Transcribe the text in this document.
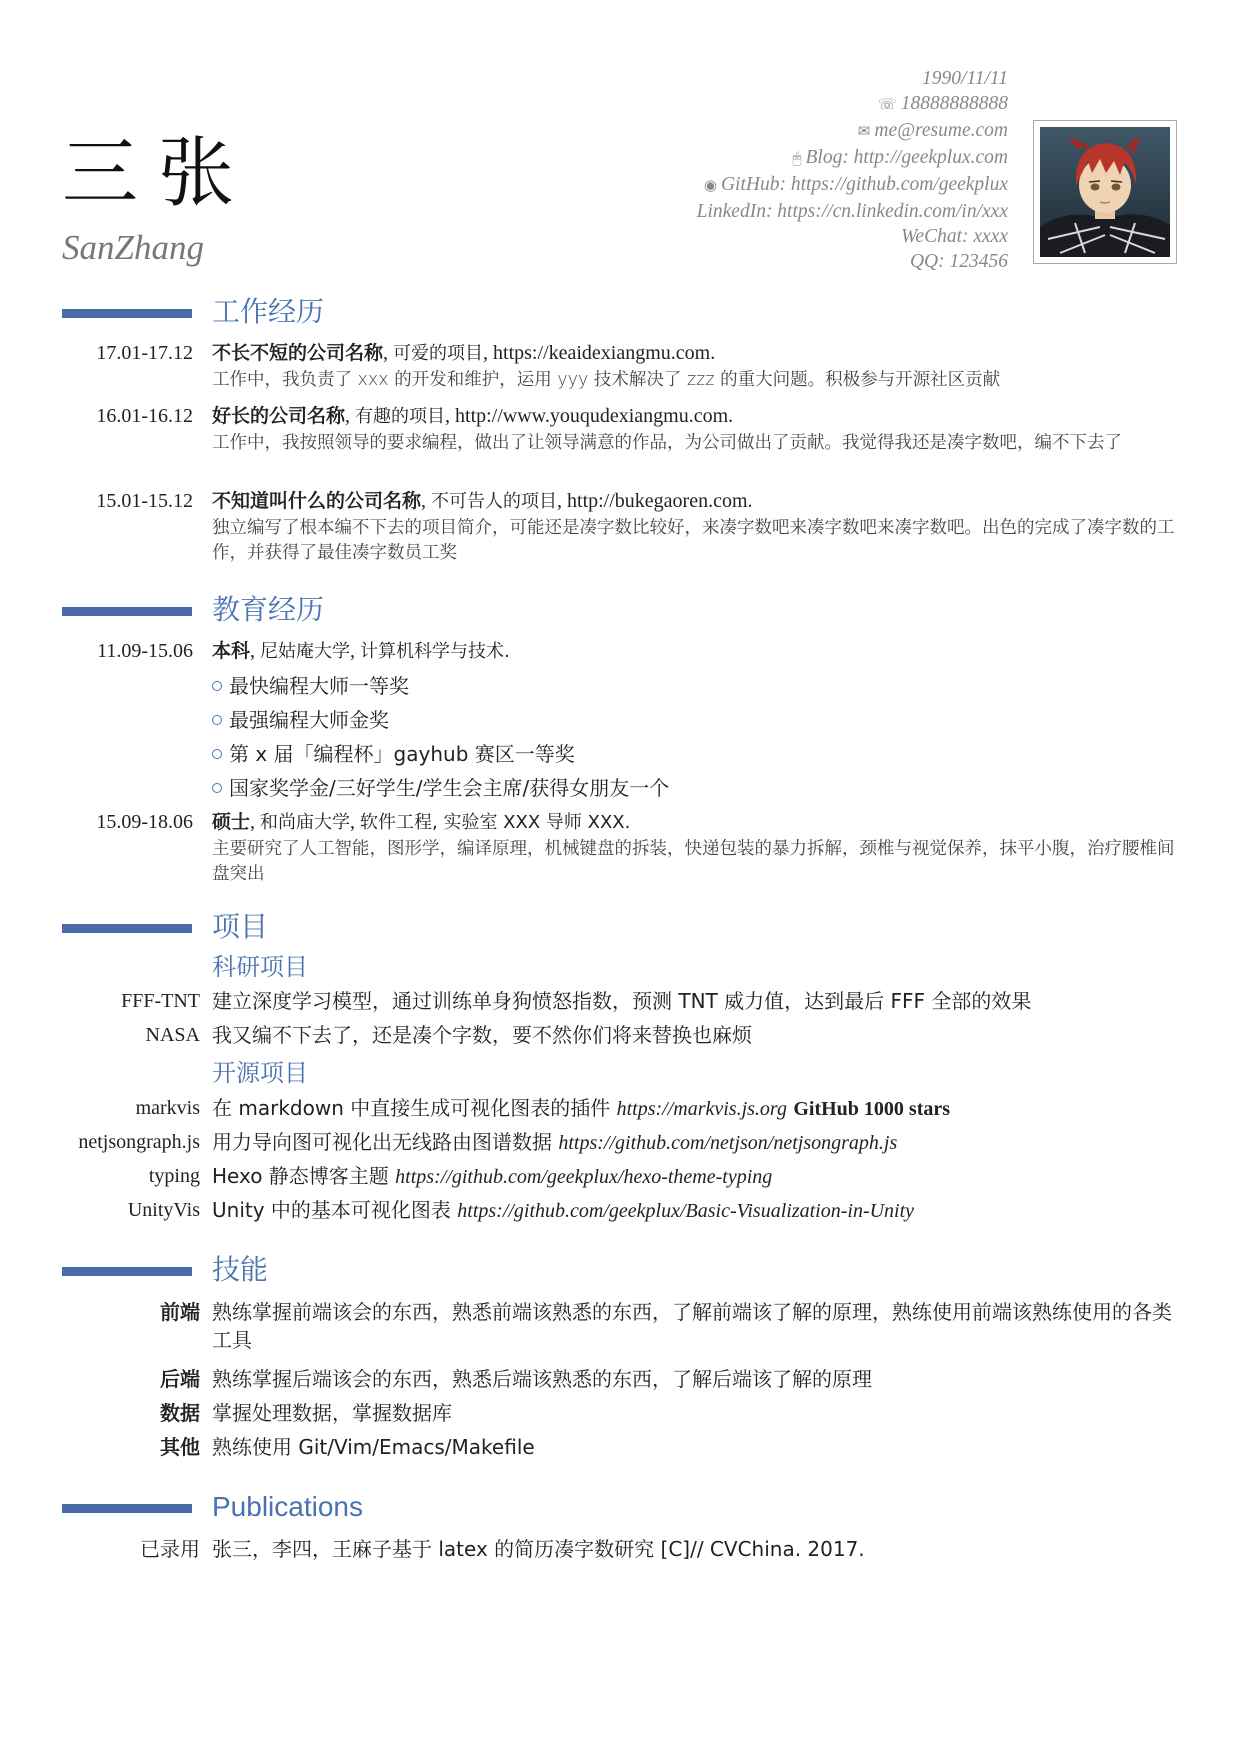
三张
SanZhang
1990/11/11
☏ 18888888888
✉ me@resume.com
🖱 Blog: http://geekplux.com
◉ GitHub: https://github.com/geekplux
LinkedIn: https://cn.linkedin.com/in/xxx
WeChat: xxxx
QQ: 123456
工作经历
17.01-17.12 不长不短的公司名称, 可爱的项目, https://keaidexiangmu.com.
工作中，我负责了 xxx 的开发和维护，运用 yyy 技术解决了 zzz 的重大问题。积极参与开源社区贡献
16.01-16.12 好长的公司名称, 有趣的项目, http://www.youqudexiangmu.com.
工作中，我按照领导的要求编程，做出了让领导满意的作品，为公司做出了贡献。我觉得我还是凑字数吧，编不下去了
15.01-15.12 不知道叫什么的公司名称, 不可告人的项目, http://bukegaoren.com.
独立编写了根本编不下去的项目简介，可能还是凑字数比较好，来凑字数吧来凑字数吧来凑字数吧。出色的完成了凑字数的工作，并获得了最佳凑字数员工奖
教育经历
11.09-15.06 本科, 尼姑庵大学, 计算机科学与技术.
最快编程大师一等奖
最强编程大师金奖
第 x 届「编程杯」gayhub 赛区一等奖
国家奖学金/三好学生/学生会主席/获得女朋友一个
15.09-18.06 硕士, 和尚庙大学, 软件工程, 实验室 XXX 导师 XXX.
主要研究了人工智能，图形学，编译原理，机械键盘的拆装，快递包装的暴力拆解，颈椎与视觉保养，抹平小腹，治疗腰椎间盘突出
项目
科研项目
FFF-TNT 建立深度学习模型，通过训练单身狗愤怒指数，预测 TNT 威力值，达到最后 FFF 全部的效果
NASA 我又编不下去了，还是凑个字数，要不然你们将来替换也麻烦
开源项目
markvis 在 markdown 中直接生成可视化图表的插件 https://markvis.js.org GitHub 1000 stars
netjsongraph.js 用力导向图可视化出无线路由图谱数据 https://github.com/netjson/netjsongraph.js
typing Hexo 静态博客主题 https://github.com/geekplux/hexo-theme-typing
UnityVis Unity 中的基本可视化图表 https://github.com/geekplux/Basic-Visualization-in-Unity
技能
前端 熟练掌握前端该会的东西，熟悉前端该熟悉的东西，了解前端该了解的原理，熟练使用前端该熟练使用的各类工具
后端 熟练掌握后端该会的东西，熟悉后端该熟悉的东西，了解后端该了解的原理
数据 掌握处理数据，掌握数据库
其他 熟练使用 Git/Vim/Emacs/Makefile
Publications
已录用 张三，李四，王麻子基于 latex 的简历凑字数研究 [C]// CVChina. 2017.
